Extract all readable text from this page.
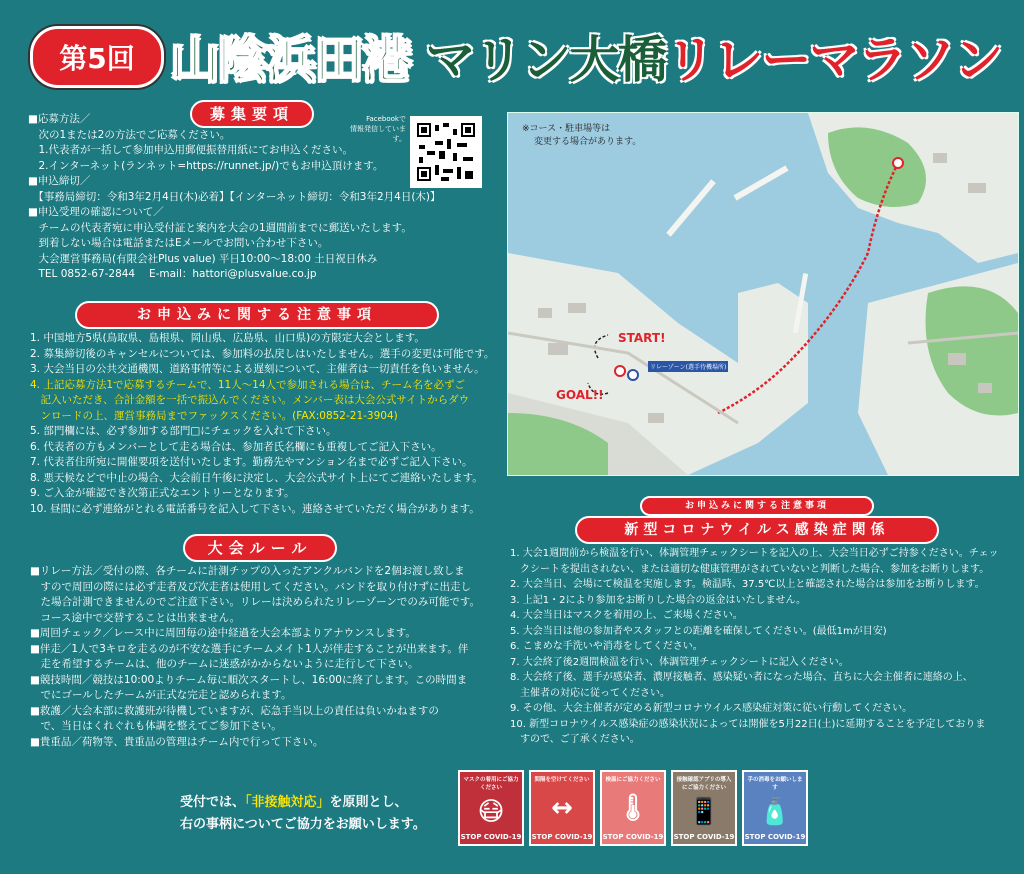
第5回 山陰浜田港 マリン大橋リレーマラソン
募集要項	Facebookで
情報発信しています。

■応募方法／

　次の1または2の方法でご応募ください。

　1.代表者が一括して参加申込用郵便振替用紙にてお申込ください。

　2.インターネット(ランネット=https://runnet.jp/)でもお申込頂けます。

■申込締切／

　【事務局締切：令和3年2月4日(木)必着】【インターネット締切：令和3年2月4日(木)】

■申込受理の確認について／

　チームの代表者宛に申込受付証と案内を大会の1週間前までに郵送いたします。

　到着しない場合は電話またはEメールでお問い合わせ下さい。

　大会運営事務局(有限会社Plus value) 平日10:00〜18:00 土日祝日休み

　TEL 0852-67-2844　 E-mail：hattori@plusvalue.co.jp

お申込みに関する注意事項

1. 中国地方5県(鳥取県、島根県、岡山県、広島県、山口県)の方限定大会とします。

2. 募集締切後のキャンセルについては、参加料の払戻しはいたしません。選手の変更は可能です。

3. 大会当日の公共交通機関、道路事情等による遅刻について、主催者は一切責任を負いません。

4. 上記応募方法1で応募するチームで、11人〜14人で参加される場合は、チーム名を必ずご

　記入いただき、合計金額を一括で振込んでください。メンバー表は大会公式サイトからダウ

　ンロードの上、運営事務局までファックスください。(FAX:0852-21-3904)

5. 部門欄には、必ず参加する部門□にチェックを入れて下さい。

6. 代表者の方もメンバーとして走る場合は、参加者氏名欄にも重複してご記入下さい。

7. 代表者住所宛に開催要項を送付いたします。勤務先やマンション名まで必ずご記入下さい。

8. 悪天候などで中止の場合、大会前日午後に決定し、大会公式サイト上にてご連絡いたします。

9. ご入金が確認でき次第正式なエントリーとなります。

10. 昼間に必ず連絡がとれる電話番号を記入して下さい。連絡させていただく場合があります。

大会ルール

■リレー方法／受付の際、各チームに計測チップの入ったアンクルバンドを2個お渡し致しま

　すので周回の際には必ず走者及び次走者は使用してください。バンドを取り付けずに出走し

　た場合計測できませんのでご注意下さい。リレーは決められたリレーゾーンでのみ可能です。

　コース途中で交替することは出来ません。

■周回チェック／レース中に周回毎の途中経過を大会本部よりアナウンスします。

■伴走／1人で3キロを走るのが不安な選手にチームメイト1人が伴走することが出来ます。伴

　走を希望するチームは、他のチームに迷惑がかからないように走行して下さい。

■競技時間／競技は10:00よりチーム毎に順次スタートし、16:00に終了します。この時間ま

　でにゴールしたチームが正式な完走と認められます。

■救護／大会本部に救護班が待機していますが、応急手当以上の責任は負いかねますの

　で、当日はくれぐれも体調を整えてご参加下さい。

■貴重品／荷物等、貴重品の管理はチーム内で行って下さい。

※コース・駐車場等は
変更する場合があります。
START!
GOAL!!
リレーゾーン(選手待機場所)
お申込みに関する注意事項
新型コロナウイルス感染症関係

1. 大会1週間前から検温を行い、体調管理チェックシートを記入の上、大会当日必ずご持参ください。チェッ

　クシートを提出されない、または適切な健康管理がされていないと判断した場合、参加をお断りします。

2. 大会当日、会場にて検温を実施します。検温時、37.5℃以上と確認された場合は参加をお断りします。

3. 上記1・2により参加をお断りした場合の返金はいたしません。

4. 大会当日はマスクを着用の上、ご来場ください。

5. 大会当日は他の参加者やスタッフとの距離を確保してください。(最低1mが目安)

6. こまめな手洗いや消毒をしてください。

7. 大会終了後2週間検温を行い、体調管理チェックシートに記入ください。

8. 大会終了後、選手が感染者、濃厚接触者、感染疑い者になった場合、直ちに大会主催者に連絡の上、

　主催者の対応に従ってください。

9. その他、大会主催者が定める新型コロナウイルス感染症対策に従い行動してください。

10. 新型コロナウイルス感染症の感染状況によっては開催を5月22日(土)に延期することを予定しておりま

　すので、ご了承ください。

受付では、「非接触対応」を原則とし、
右の事柄についてご協力をお願いします。
マスクの着用にご協力ください
😷
STOP COVID-19
間隔を空けてください
↔
STOP COVID-19
検温にご協力ください
🌡
STOP COVID-19
接触確認アプリの導入にご協力ください
📱
STOP COVID-19
手の消毒をお願いします
🧴
STOP COVID-19
